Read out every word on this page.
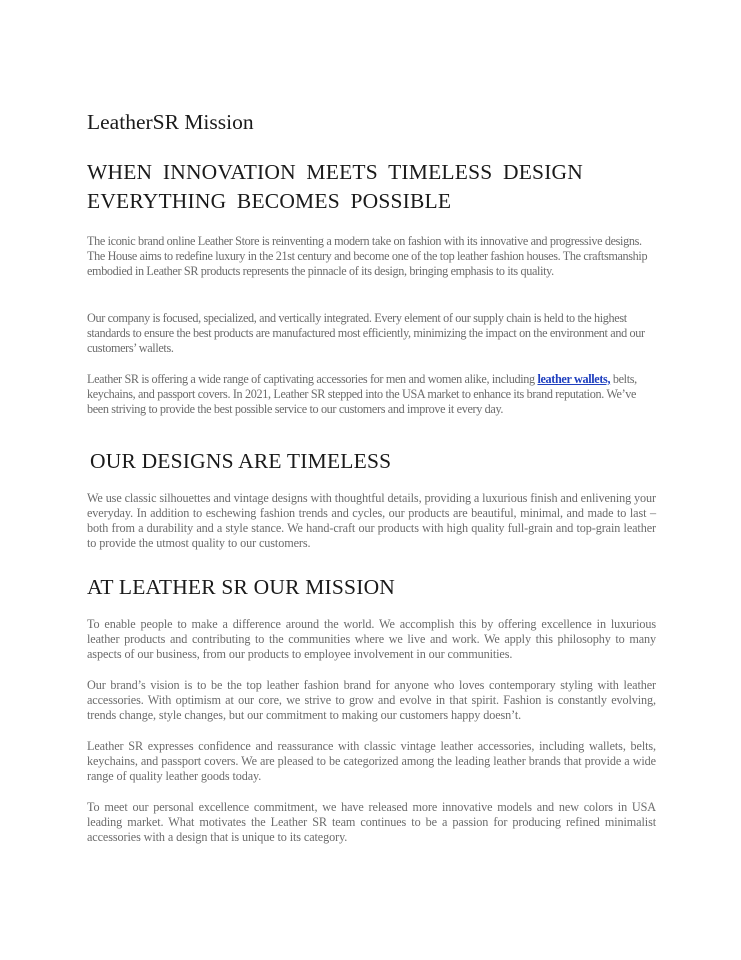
LeatherSR Mission
WHEN INNOVATION MEETS TIMELESS DESIGN
EVERYTHING BECOMES POSSIBLE

The iconic brand online Leather Store is reinventing a modern take on fashion with its innovative and progressive designs. The House aims to redefine luxury in the 21st century and become one of the top leather fashion houses. The craftsmanship embodied in Leather SR products represents the pinnacle of its design, bringing emphasis to its quality.

Our company is focused, specialized, and vertically integrated. Every element of our supply chain is held to the highest standards to ensure the best products are manufactured most efficiently, minimizing the impact on the environment and our customers’ wallets.

Leather SR is offering a wide range of captivating accessories for men and women alike, including leather wallets, belts, keychains, and passport covers. In 2021, Leather SR stepped into the USA market to enhance its brand reputation. We’ve been striving to provide the best possible service to our customers and improve it every day.

OUR DESIGNS ARE TIMELESS

We use classic silhouettes and vintage designs with thoughtful details, providing a luxurious finish and enlivening your everyday. In addition to eschewing fashion trends and cycles, our products are beautiful, minimal, and made to last – both from a durability and a style stance. We hand-craft our products with high quality full-grain and top-grain leather to provide the utmost quality to our customers.

AT LEATHER SR OUR MISSION

To enable people to make a difference around the world. We accomplish this by offering excellence in luxurious leather products and contributing to the communities where we live and work. We apply this philosophy to many aspects of our business, from our products to employee involvement in our communities.

Our brand’s vision is to be the top leather fashion brand for anyone who loves contemporary styling with leather accessories. With optimism at our core, we strive to grow and evolve in that spirit. Fashion is constantly evolving, trends change, style changes, but our commitment to making our customers happy doesn’t.

Leather SR expresses confidence and reassurance with classic vintage leather accessories, including wallets, belts, keychains, and passport covers. We are pleased to be categorized among the leading leather brands that provide a wide range of quality leather goods today.

To meet our personal excellence commitment, we have released more innovative models and new colors in USA leading market. What motivates the Leather SR team continues to be a passion for producing refined minimalist accessories with a design that is unique to its category.
